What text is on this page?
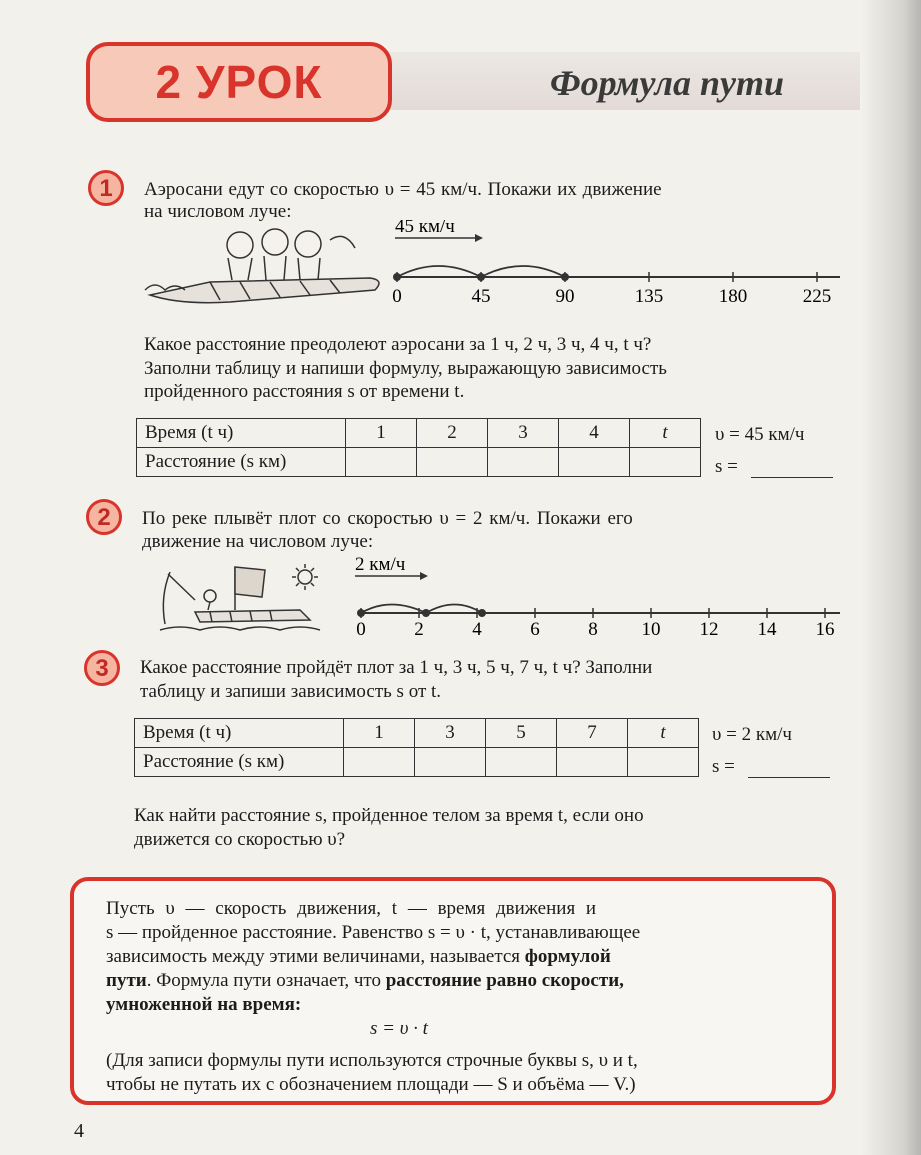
2 УРОК	Формула пути
1	Аэросани едут со скоростью υ = 45 км/ч. Покажи их движение
на числовом луче:
45 км/ч
0	45	90	135	180	225
Какое расстояние преодолеют аэросани за 1 ч, 2 ч, 3 ч, 4 ч, t ч?
Заполни таблицу и напиши формулу, выражающую зависимость
пройденного расстояния s от времени t.
Время (t ч)	1	2	3	4	t
Расстояние (s км)					
υ = 45 км/ч
s =
2	По реке плывёт плот со скоростью υ = 2 км/ч. Покажи его
движение на числовом луче:
2 км/ч
0	2	4	6	8 10 12 14 16
3	Какое расстояние пройдёт плот за 1 ч, 3 ч, 5 ч, 7 ч, t ч? Заполни
таблицу и запиши зависимость s от t.
Время (t ч)	1	3	5	7	t
Расстояние (s км)					
υ = 2 км/ч
s =
Как найти расстояние s, пройденное телом за время t, если оно
движется со скоростью υ?
Пусть υ — скорость движения, t — время движения и
s — пройденное расстояние. Равенство s = υ · t, устанавливающее
зависимость между этими величинами, называется формулой
пути. Формула пути означает, что расстояние равно скорости,
умноженной на время:
s = υ · t
(Для записи формулы пути используются строчные буквы s, υ и t,
чтобы не путать их с обозначением площади — S и объёма — V.)
4
